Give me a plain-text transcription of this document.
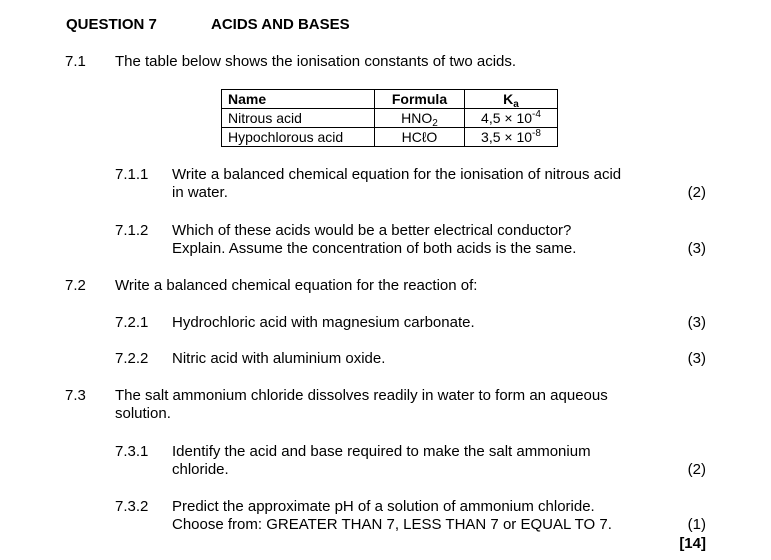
QUESTION 7	ACIDS AND BASES
7.1 The table below shows the ionisation constants of two acids.
Name	Formula	$K_a$
Nitrous acid	$HNO_2$	$4,5 \times 10^{-4}$
Hypochlorous acid	HCℓO	$3,5 \times 10^{-8}$
7.1.1 Write a balanced chemical equation for the ionisation of nitrous acid
in water.	(2)
7.1.2 Which of these acids would be a better electrical conductor?
Explain. Assume the concentration of both acids is the same.	(3)
7.2 Write a balanced chemical equation for the reaction of:
7.2.1 Hydrochloric acid with magnesium carbonate.	(3)
7.2.2 Nitric acid with aluminium oxide.	(3)
7.3 The salt ammonium chloride dissolves readily in water to form an aqueous
solution.
7.3.1 Identify the acid and base required to make the salt ammonium
chloride.	(2)
7.3.2 Predict the approximate pH of a solution of ammonium chloride.
Choose from: GREATER THAN 7, LESS THAN 7 or EQUAL TO 7.	(1)
[14]
